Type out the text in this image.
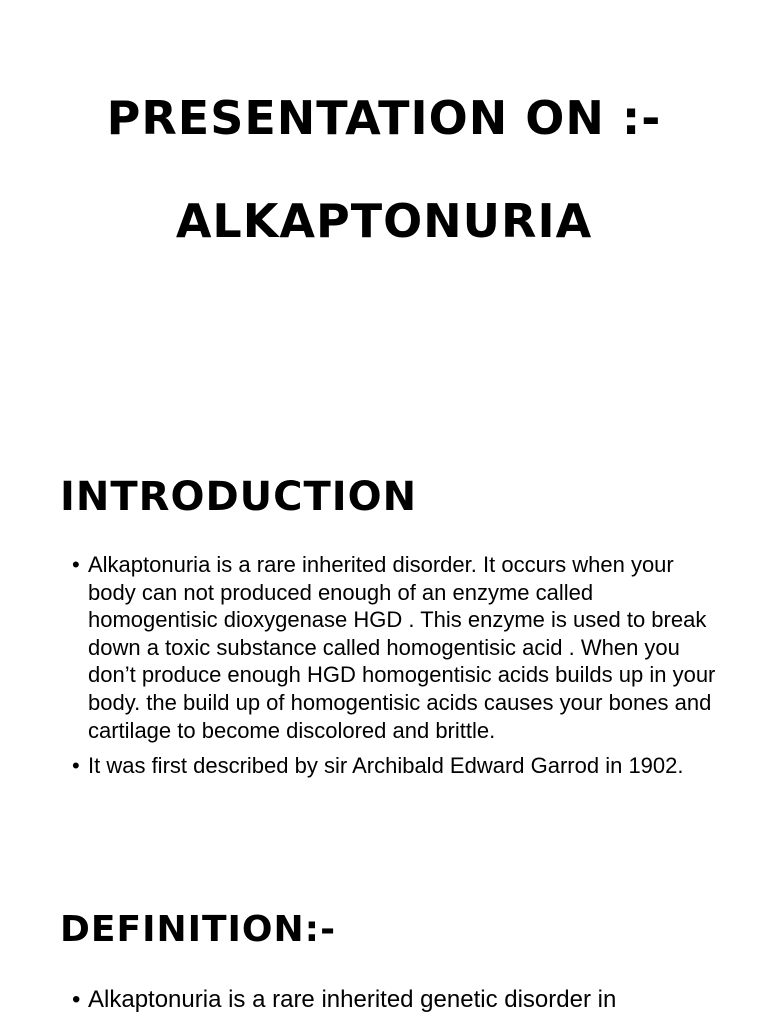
PRESENTATION ON :-
ALKAPTONURIA
INTRODUCTION
• Alkaptonuria is a rare inherited disorder. It occurs when your body can not produced enough of an enzyme called homogentisic dioxygenase HGD . This enzyme is used to break down a toxic substance called homogentisic acid . When you don’t produce enough HGD homogentisic acids builds up in your body. the build up of homogentisic acids causes your bones and cartilage to become discolored and brittle.
• It was first described by sir Archibald Edward Garrod in 1902.
DEFINITION:-
• Alkaptonuria is a rare inherited genetic disorder in
